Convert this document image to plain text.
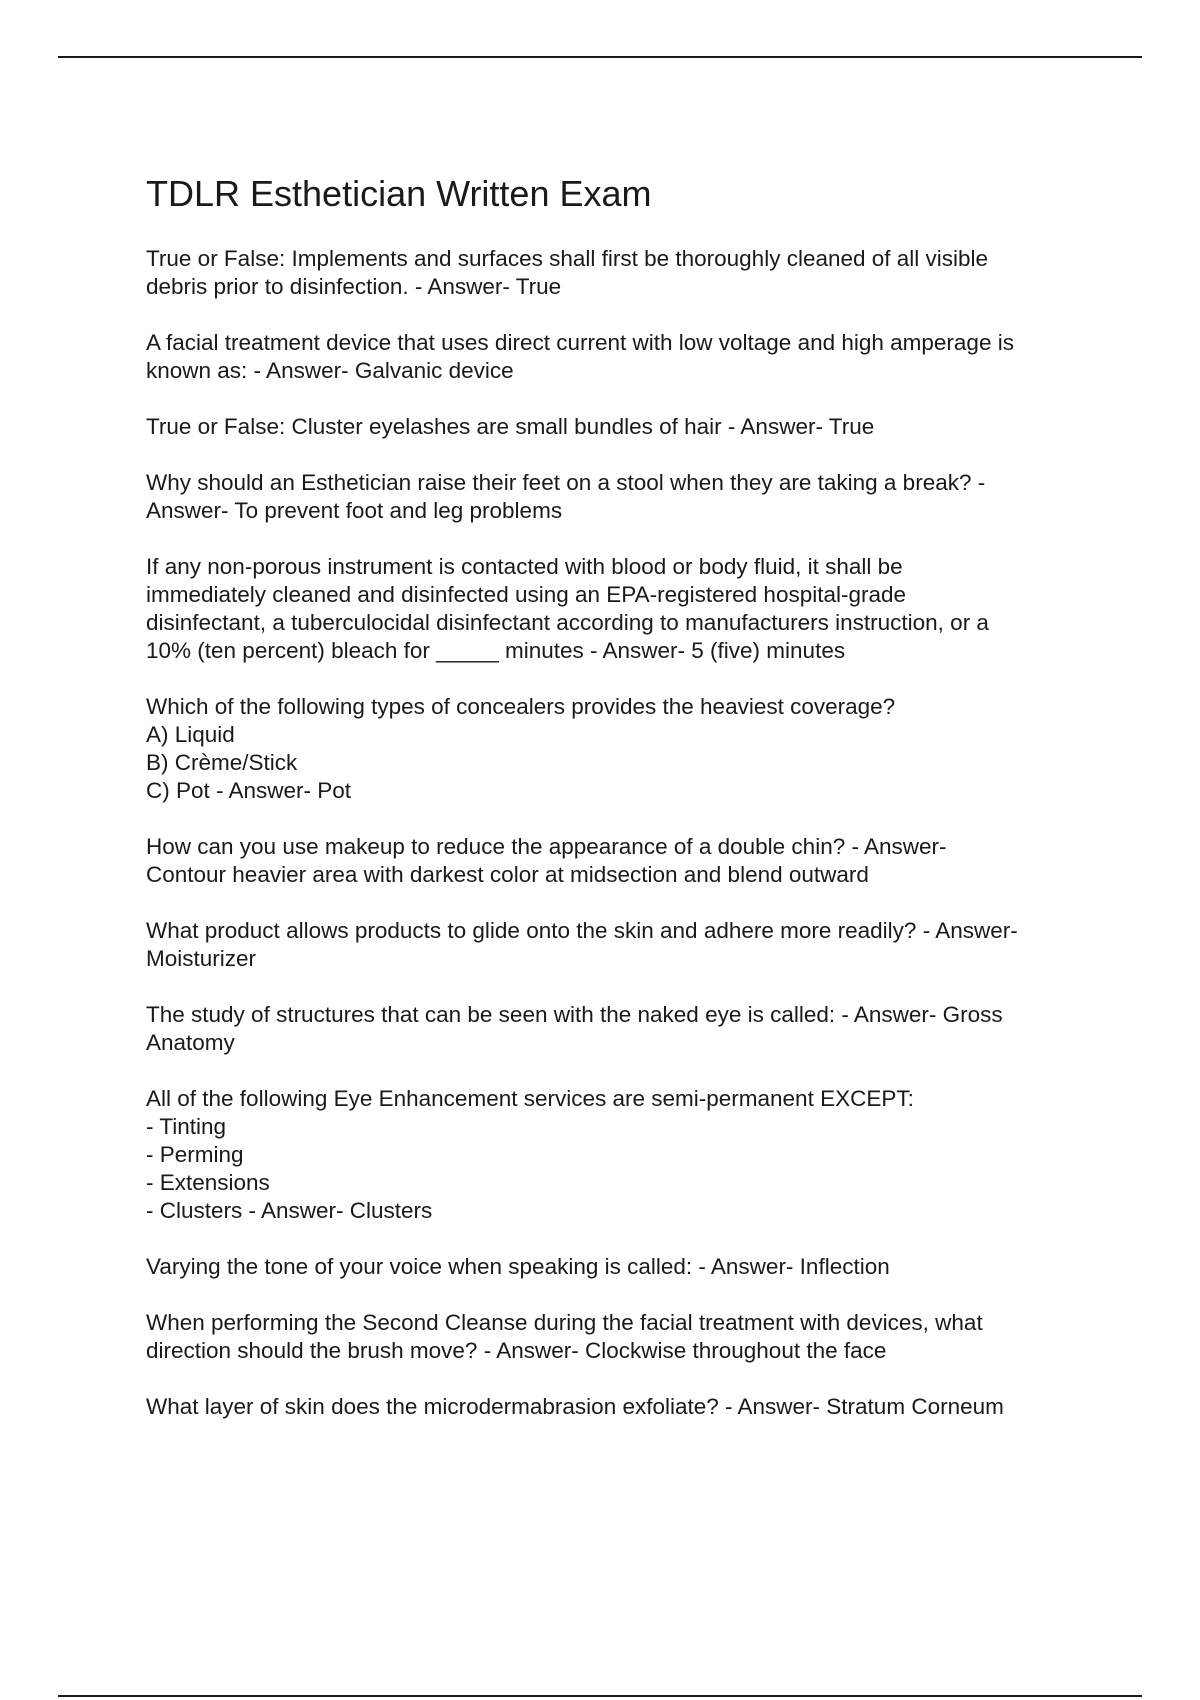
TDLR Esthetician Written Exam

True or False: Implements and surfaces shall first be thoroughly cleaned of all visible
debris prior to disinfection. - Answer- True

A facial treatment device that uses direct current with low voltage and high amperage is
known as: - Answer- Galvanic device

True or False: Cluster eyelashes are small bundles of hair - Answer- True

Why should an Esthetician raise their feet on a stool when they are taking a break? -
Answer- To prevent foot and leg problems

If any non-porous instrument is contacted with blood or body fluid, it shall be
immediately cleaned and disinfected using an EPA-registered hospital-grade
disinfectant, a tuberculocidal disinfectant according to manufacturers instruction, or a
10% (ten percent) bleach for _____ minutes - Answer- 5 (five) minutes

Which of the following types of concealers provides the heaviest coverage?
A) Liquid
B) Crème/Stick
C) Pot - Answer- Pot

How can you use makeup to reduce the appearance of a double chin? - Answer-
Contour heavier area with darkest color at midsection and blend outward

What product allows products to glide onto the skin and adhere more readily? - Answer-
Moisturizer

The study of structures that can be seen with the naked eye is called: - Answer- Gross
Anatomy

All of the following Eye Enhancement services are semi-permanent EXCEPT:
- Tinting
- Perming
- Extensions
- Clusters - Answer- Clusters

Varying the tone of your voice when speaking is called: - Answer- Inflection

When performing the Second Cleanse during the facial treatment with devices, what
direction should the brush move? - Answer- Clockwise throughout the face

What layer of skin does the microdermabrasion exfoliate? - Answer- Stratum Corneum
